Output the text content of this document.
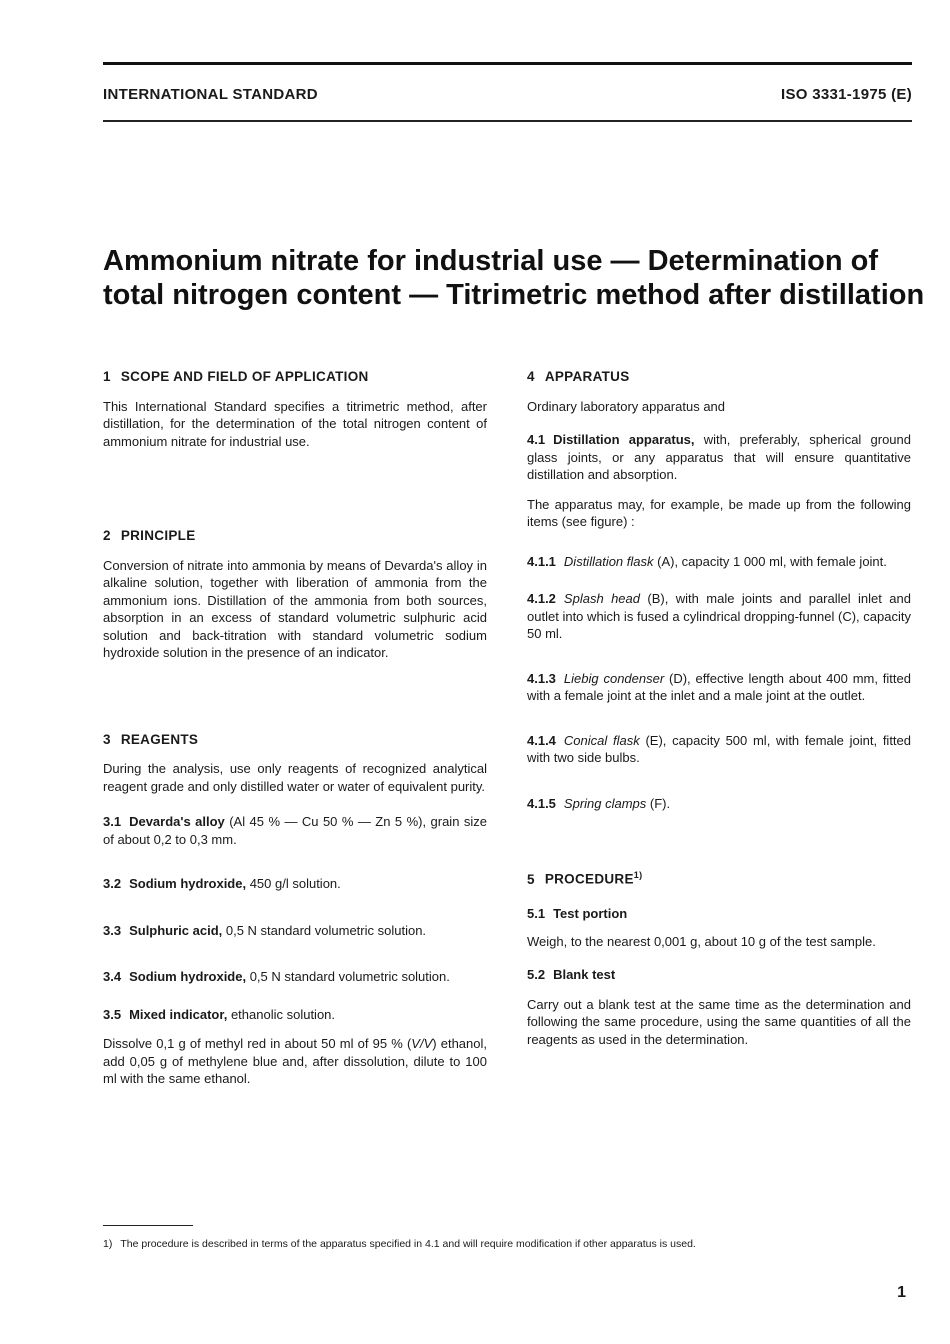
INTERNATIONAL STANDARD	ISO 3331-1975 (E)
Ammonium nitrate for industrial use — Determination of
total nitrogen content — Titrimetric method after distillation
1 SCOPE AND FIELD OF APPLICATION

This International Standard specifies a titrimetric method, after distillation, for the determination of the total nitrogen content of ammonium nitrate for industrial use.

2 PRINCIPLE

Conversion of nitrate into ammonia by means of Devarda's alloy in alkaline solution, together with liberation of ammonia from the ammonium ions. Distillation of the ammonia from both sources, absorption in an excess of standard volumetric sulphuric acid solution and back-titration with standard volumetric sodium hydroxide solution in the presence of an indicator.

3 REAGENTS

During the analysis, use only reagents of recognized analytical reagent grade and only distilled water or water of equivalent purity.

3.1 Devarda's alloy (Al 45 % — Cu 50 % — Zn 5 %), grain size of about 0,2 to 0,3 mm.

3.2 Sodium hydroxide, 450 g/l solution.

3.3 Sulphuric acid, 0,5 N standard volumetric solution.

3.4 Sodium hydroxide, 0,5 N standard volumetric solution.

3.5 Mixed indicator, ethanolic solution.

Dissolve 0,1 g of methyl red in about 50 ml of 95 % (V/V) ethanol, add 0,05 g of methylene blue and, after dissolution, dilute to 100 ml with the same ethanol.

4 APPARATUS

Ordinary laboratory apparatus and

4.1 Distillation apparatus, with, preferably, spherical ground glass joints, or any apparatus that will ensure quantitative distillation and absorption.

The apparatus may, for example, be made up from the following items (see figure) :

4.1.1 Distillation flask (A), capacity 1 000 ml, with female joint.

4.1.2 Splash head (B), with male joints and parallel inlet and outlet into which is fused a cylindrical dropping-funnel (C), capacity 50 ml.

4.1.3 Liebig condenser (D), effective length about 400 mm, fitted with a female joint at the inlet and a male joint at the outlet.

4.1.4 Conical flask (E), capacity 500 ml, with female joint, fitted with two side bulbs.

4.1.5 Spring clamps (F).

5 PROCEDURE$^{1)}$

5.1 Test portion

Weigh, to the nearest 0,001 g, about 10 g of the test sample.

5.2 Blank test

Carry out a blank test at the same time as the determination and following the same procedure, using the same quantities of all the reagents as used in the determination.

1) The procedure is described in terms of the apparatus specified in 4.1 and will require modification if other apparatus is used.
1
